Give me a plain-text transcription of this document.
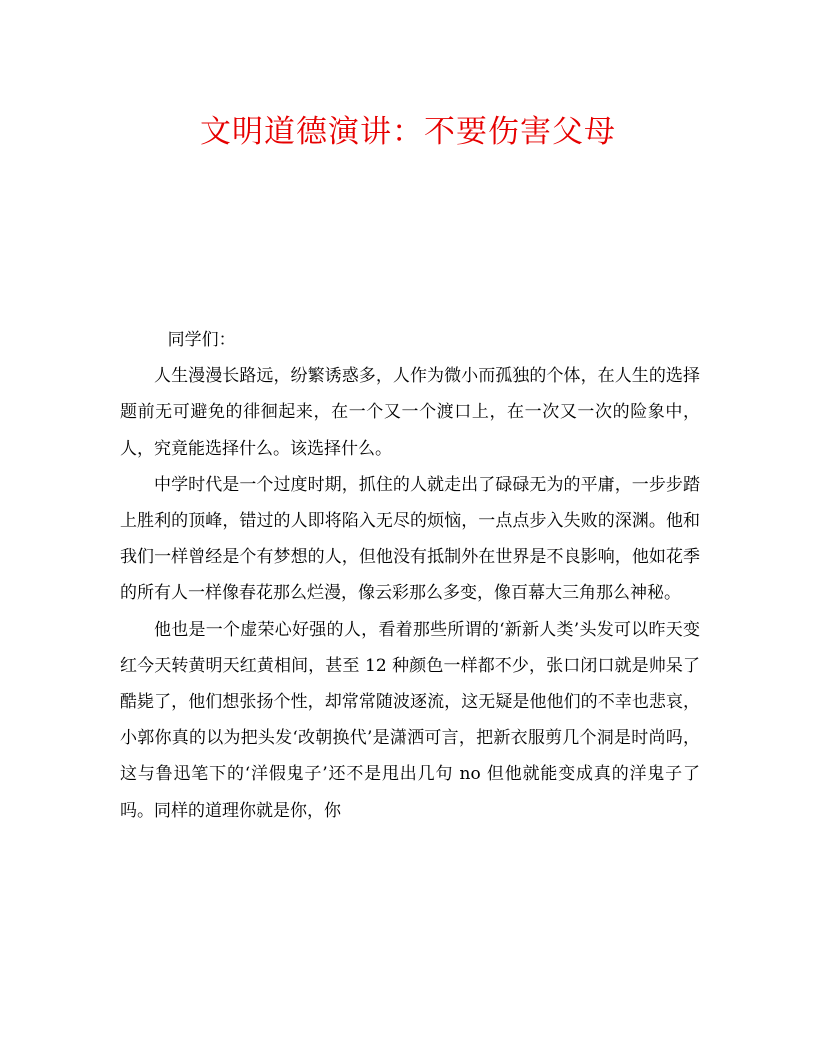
文明道德演讲：不要伤害父母

同学们：

人生漫漫长路远，纷繁诱惑多，人作为微小而孤独的个体，在人生的选择题前无可避免的徘徊起来，在一个又一个渡口上，在一次又一次的险象中，人，究竟能选择什么。该选择什么。

中学时代是一个过度时期，抓住的人就走出了碌碌无为的平庸，一步步踏上胜利的顶峰，错过的人即将陷入无尽的烦恼，一点点步入失败的深渊。他和我们一样曾经是个有梦想的人，但他没有抵制外在世界是不良影响，他如花季的所有人一样像春花那么烂漫，像云彩那么多变，像百幕大三角那么神秘。

他也是一个虚荣心好强的人，看着那些所谓的‘新新人类’头发可以昨天变红今天转黄明天红黄相间，甚至 12 种颜色一样都不少，张口闭口就是帅呆了酷毙了，他们想张扬个性，却常常随波逐流，这无疑是他他们的不幸也悲哀，小郭你真的以为把头发‘改朝换代’是潇洒可言，把新衣服剪几个洞是时尚吗，这与鲁迅笔下的‘洋假鬼子’还不是甩出几句 no 但他就能变成真的洋鬼子了吗。同样的道理你就是你，你
